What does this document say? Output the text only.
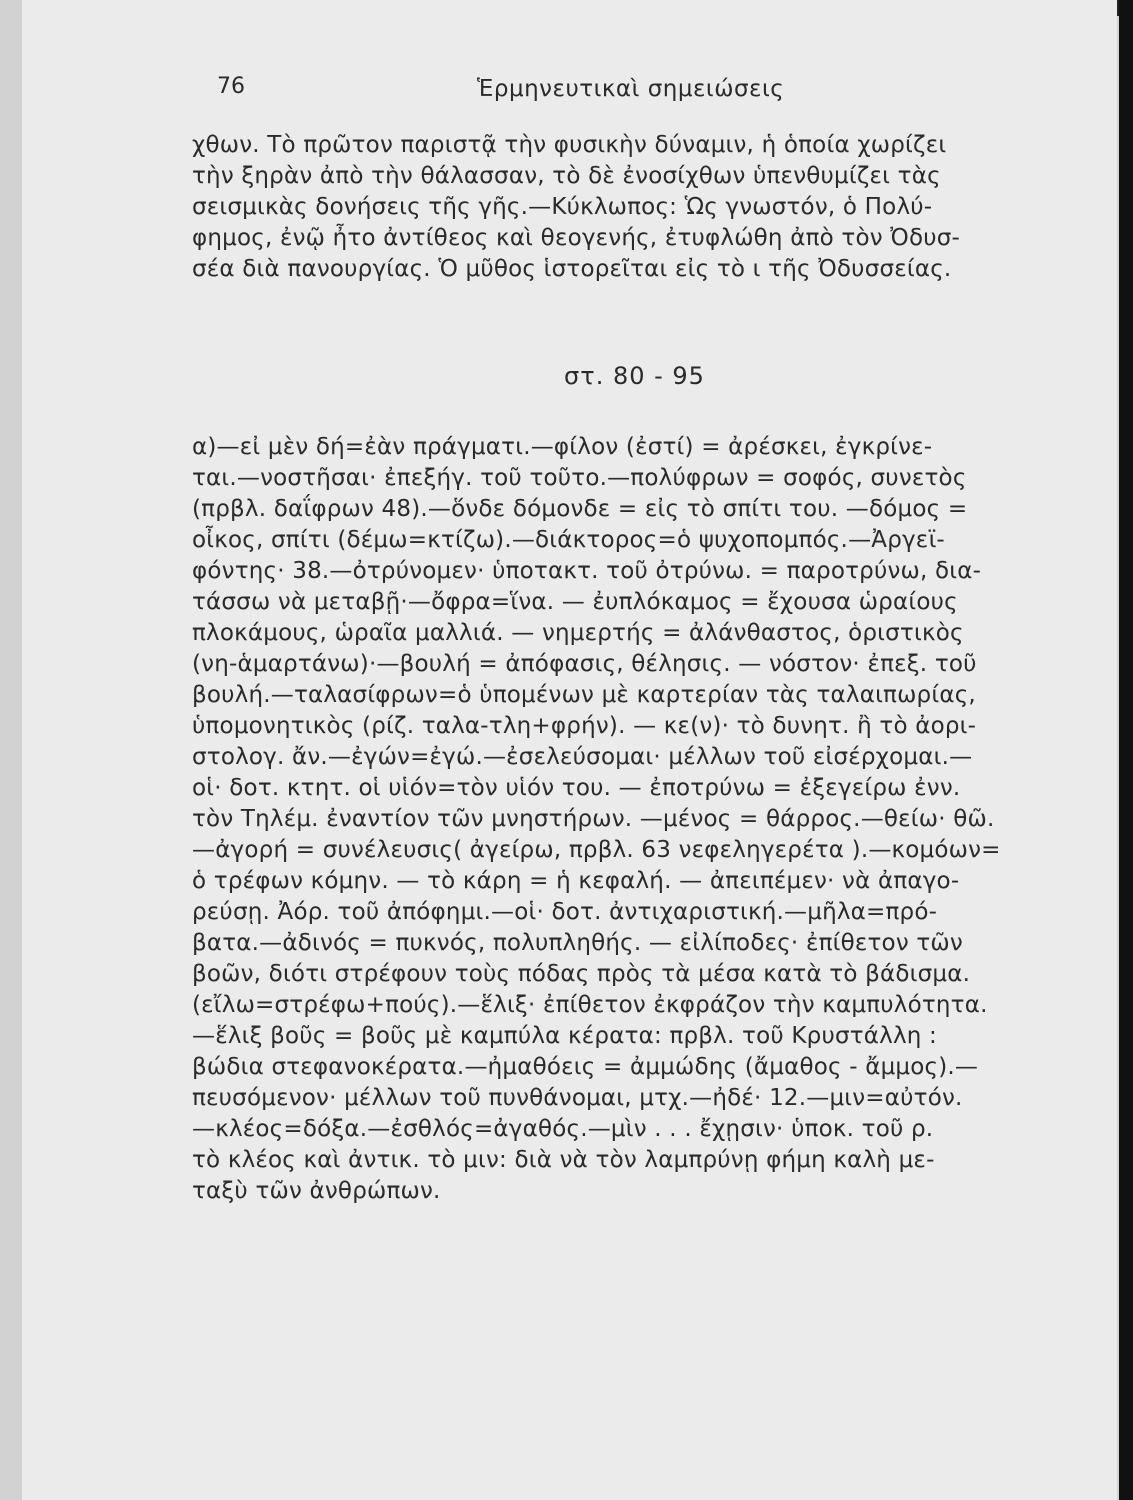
76	Ἑρμηνευτικαὶ σημειώσεις
χθων. Τὸ πρῶτον παριστᾷ τὴν φυσικὴν δύναμιν, ἡ ὁποία χωρίζει
τὴν ξηρὰν ἀπὸ τὴν θάλασσαν, τὸ δὲ ἐνοσίχθων ὑπενθυμίζει τὰς
σεισμικὰς δονήσεις τῆς γῆς.—Κύκλωπος: Ὡς γνωστόν, ὁ Πολύ-
φημος, ἐνῷ ἦτο ἀντίθεος καὶ θεογενής, ἐτυφλώθη ἀπὸ τὸν Ὀδυσ-
σέα διὰ πανουργίας. Ὁ μῦθος ἱστορεῖται εἰς τὸ ι τῆς Ὀδυσσείας.
στ. 80 - 95
α)—εἰ μὲν δή=ἐὰν πράγματι.—φίλον (ἐστί) = ἀρέσκει, ἐγκρίνε-
ται.—νοστῆσαι· ἐπεξήγ. τοῦ τοῦτο.—πολύφρων = σοφός, συνετὸς
(πρβλ. δαΐφρων 48).—ὅνδε δόμονδε = εἰς τὸ σπίτι του. —δόμος =
οἶκος, σπίτι (δέμω=κτίζω).—διάκτορος=ὁ ψυχοπομπός.—Ἀργεϊ-
φόντης· 38.—ὀτρύνομεν· ὑποτακτ. τοῦ ὀτρύνω. = παροτρύνω, δια-
τάσσω νὰ μεταβῇ·—ὄφρα=ἵνα. — ἐυπλόκαμος = ἔχουσα ὡραίους
πλοκάμους, ὡραῖα μαλλιά. — νημερτής = ἀλάνθαστος, ὁριστικὸς
(νη-ἁμαρτάνω)·—βουλή = ἀπόφασις, θέλησις. — νόστον· ἐπεξ. τοῦ
βουλή.—ταλασίφρων=ὁ ὑπομένων μὲ καρτερίαν τὰς ταλαιπωρίας,
ὑπομονητικὸς (ρίζ. ταλα-τλη+φρήν). — κε(ν)· τὸ δυνητ. ἢ τὸ ἀορι-
στολογ. ἄν.—ἐγών=ἐγώ.—ἐσελεύσομαι· μέλλων τοῦ εἰσέρχομαι.—
οἱ· δοτ. κτητ. οἱ υἱόν=τὸν υἱόν του. — ἐποτρύνω = ἐξεγείρω ἐνν.
τὸν Τηλέμ. ἐναντίον τῶν μνηστήρων. —μένος = θάρρος.—θείω· θῶ.
—ἀγορή = συνέλευσις( ἀγείρω, πρβλ. 63 νεφεληγερέτα ).—κομόων=
ὁ τρέφων κόμην. — τὸ κάρη = ἡ κεφαλή. — ἀπειπέμεν· νὰ ἀπαγο-
ρεύσῃ. Ἀόρ. τοῦ ἀπόφημι.—οἱ· δοτ. ἀντιχαριστική.—μῆλα=πρό-
βατα.—ἀδινός = πυκνός, πολυπληθής. — εἰλίποδες· ἐπίθετον τῶν
βοῶν, διότι στρέφουν τοὺς πόδας πρὸς τὰ μέσα κατὰ τὸ βάδισμα.
(εἴλω=στρέφω+πούς).—ἕλιξ· ἐπίθετον ἐκφράζον τὴν καμπυλότητα.
—ἕλιξ βοῦς = βοῦς μὲ καμπύλα κέρατα: πρβλ. τοῦ Κρυστάλλη :
βώδια στεφανοκέρατα.—ἠμαθόεις = ἀμμώδης (ἄμαθος - ἄμμος).—
πευσόμενον· μέλλων τοῦ πυνθάνομαι, μτχ.—ἠδέ· 12.—μιν=αὐτόν.
—κλέος=δόξα.—ἐσθλός=ἀγαθός.—μὶν . . . ἔχῃσιν· ὑποκ. τοῦ ρ.
τὸ κλέος καὶ ἀντικ. τὸ μιν: διὰ νὰ τὸν λαμπρύνῃ φήμη καλὴ με-
ταξὺ τῶν ἀνθρώπων.
